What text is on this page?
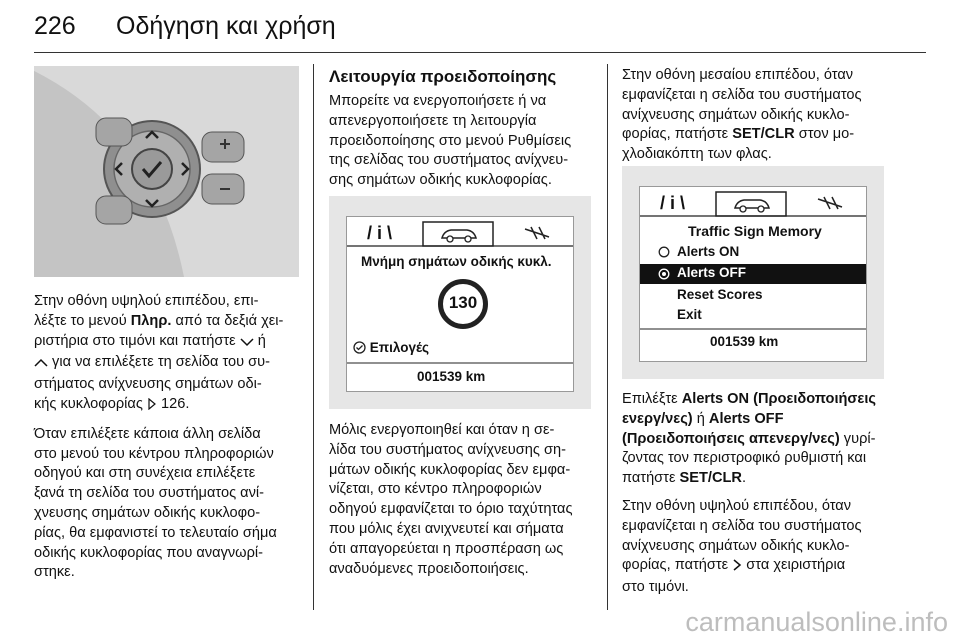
226 Οδήγηση και χρήση

Στην οθόνη υψηλού επιπέδου, επι-
λέξτε το μενού Πληρ. από τα δεξιά χει-
ριστήρια στο τιμόνι και πατήστε  ή
για να επιλέξετε τη σελίδα του συ-
στήματος ανίχνευσης σημάτων οδι-
κής κυκλοφορίας  126.

Όταν επιλέξετε κάποια άλλη σελίδα
στο μενού του κέντρου πληροφοριών
οδηγού και στη συνέχεια επιλέξετε
ξανά τη σελίδα του συστήματος ανί-
χνευσης σημάτων οδικής κυκλοφο-
ρίας, θα εμφανιστεί το τελευταίο σήμα
οδικής κυκλοφορίας που αναγνωρί-
στηκε.

Λειτουργία προειδοποίησης

Μπορείτε να ενεργοποιήσετε ή να
απενεργοποιήσετε τη λειτουργία
προειδοποίησης στο μενού Ρυθμίσεις
της σελίδας του συστήματος ανίχνευ-
σης σημάτων οδικής κυκλοφορίας.

/ i \
Μνήμη σημάτων οδικής κυκλ.
130
Επιλογές
001539 km

Μόλις ενεργοποιηθεί και όταν η σε-
λίδα του συστήματος ανίχνευσης ση-
μάτων οδικής κυκλοφορίας δεν εμφα-
νίζεται, στο κέντρο πληροφοριών
οδηγού εμφανίζεται το όριο ταχύτητας
που μόλις έχει ανιχνευτεί και σήματα
ότι απαγορεύεται η προσπέραση ως
αναδυόμενες προειδοποιήσεις.

Στην οθόνη μεσαίου επιπέδου, όταν
εμφανίζεται η σελίδα του συστήματος
ανίχνευσης σημάτων οδικής κυκλο-
φορίας, πατήστε SET/CLR στον μο-
χλοδιακόπτη των φλας.

/ i \
Traffic Sign Memory
Alerts ON
Alerts OFF
Reset Scores
Exit
001539 km

Επιλέξτε Alerts ON (Προειδοποιήσεις
ενεργ/νες) ή Alerts OFF
(Προειδοποιήσεις απενεργ/νες) γυρί-
ζοντας τον περιστροφικό ρυθμιστή και
πατήστε SET/CLR.

Στην οθόνη υψηλού επιπέδου, όταν
εμφανίζεται η σελίδα του συστήματος
ανίχνευσης σημάτων οδικής κυκλο-
φορίας, πατήστε  στα χειριστήρια
στο τιμόνι.

carmanualsonline.info
